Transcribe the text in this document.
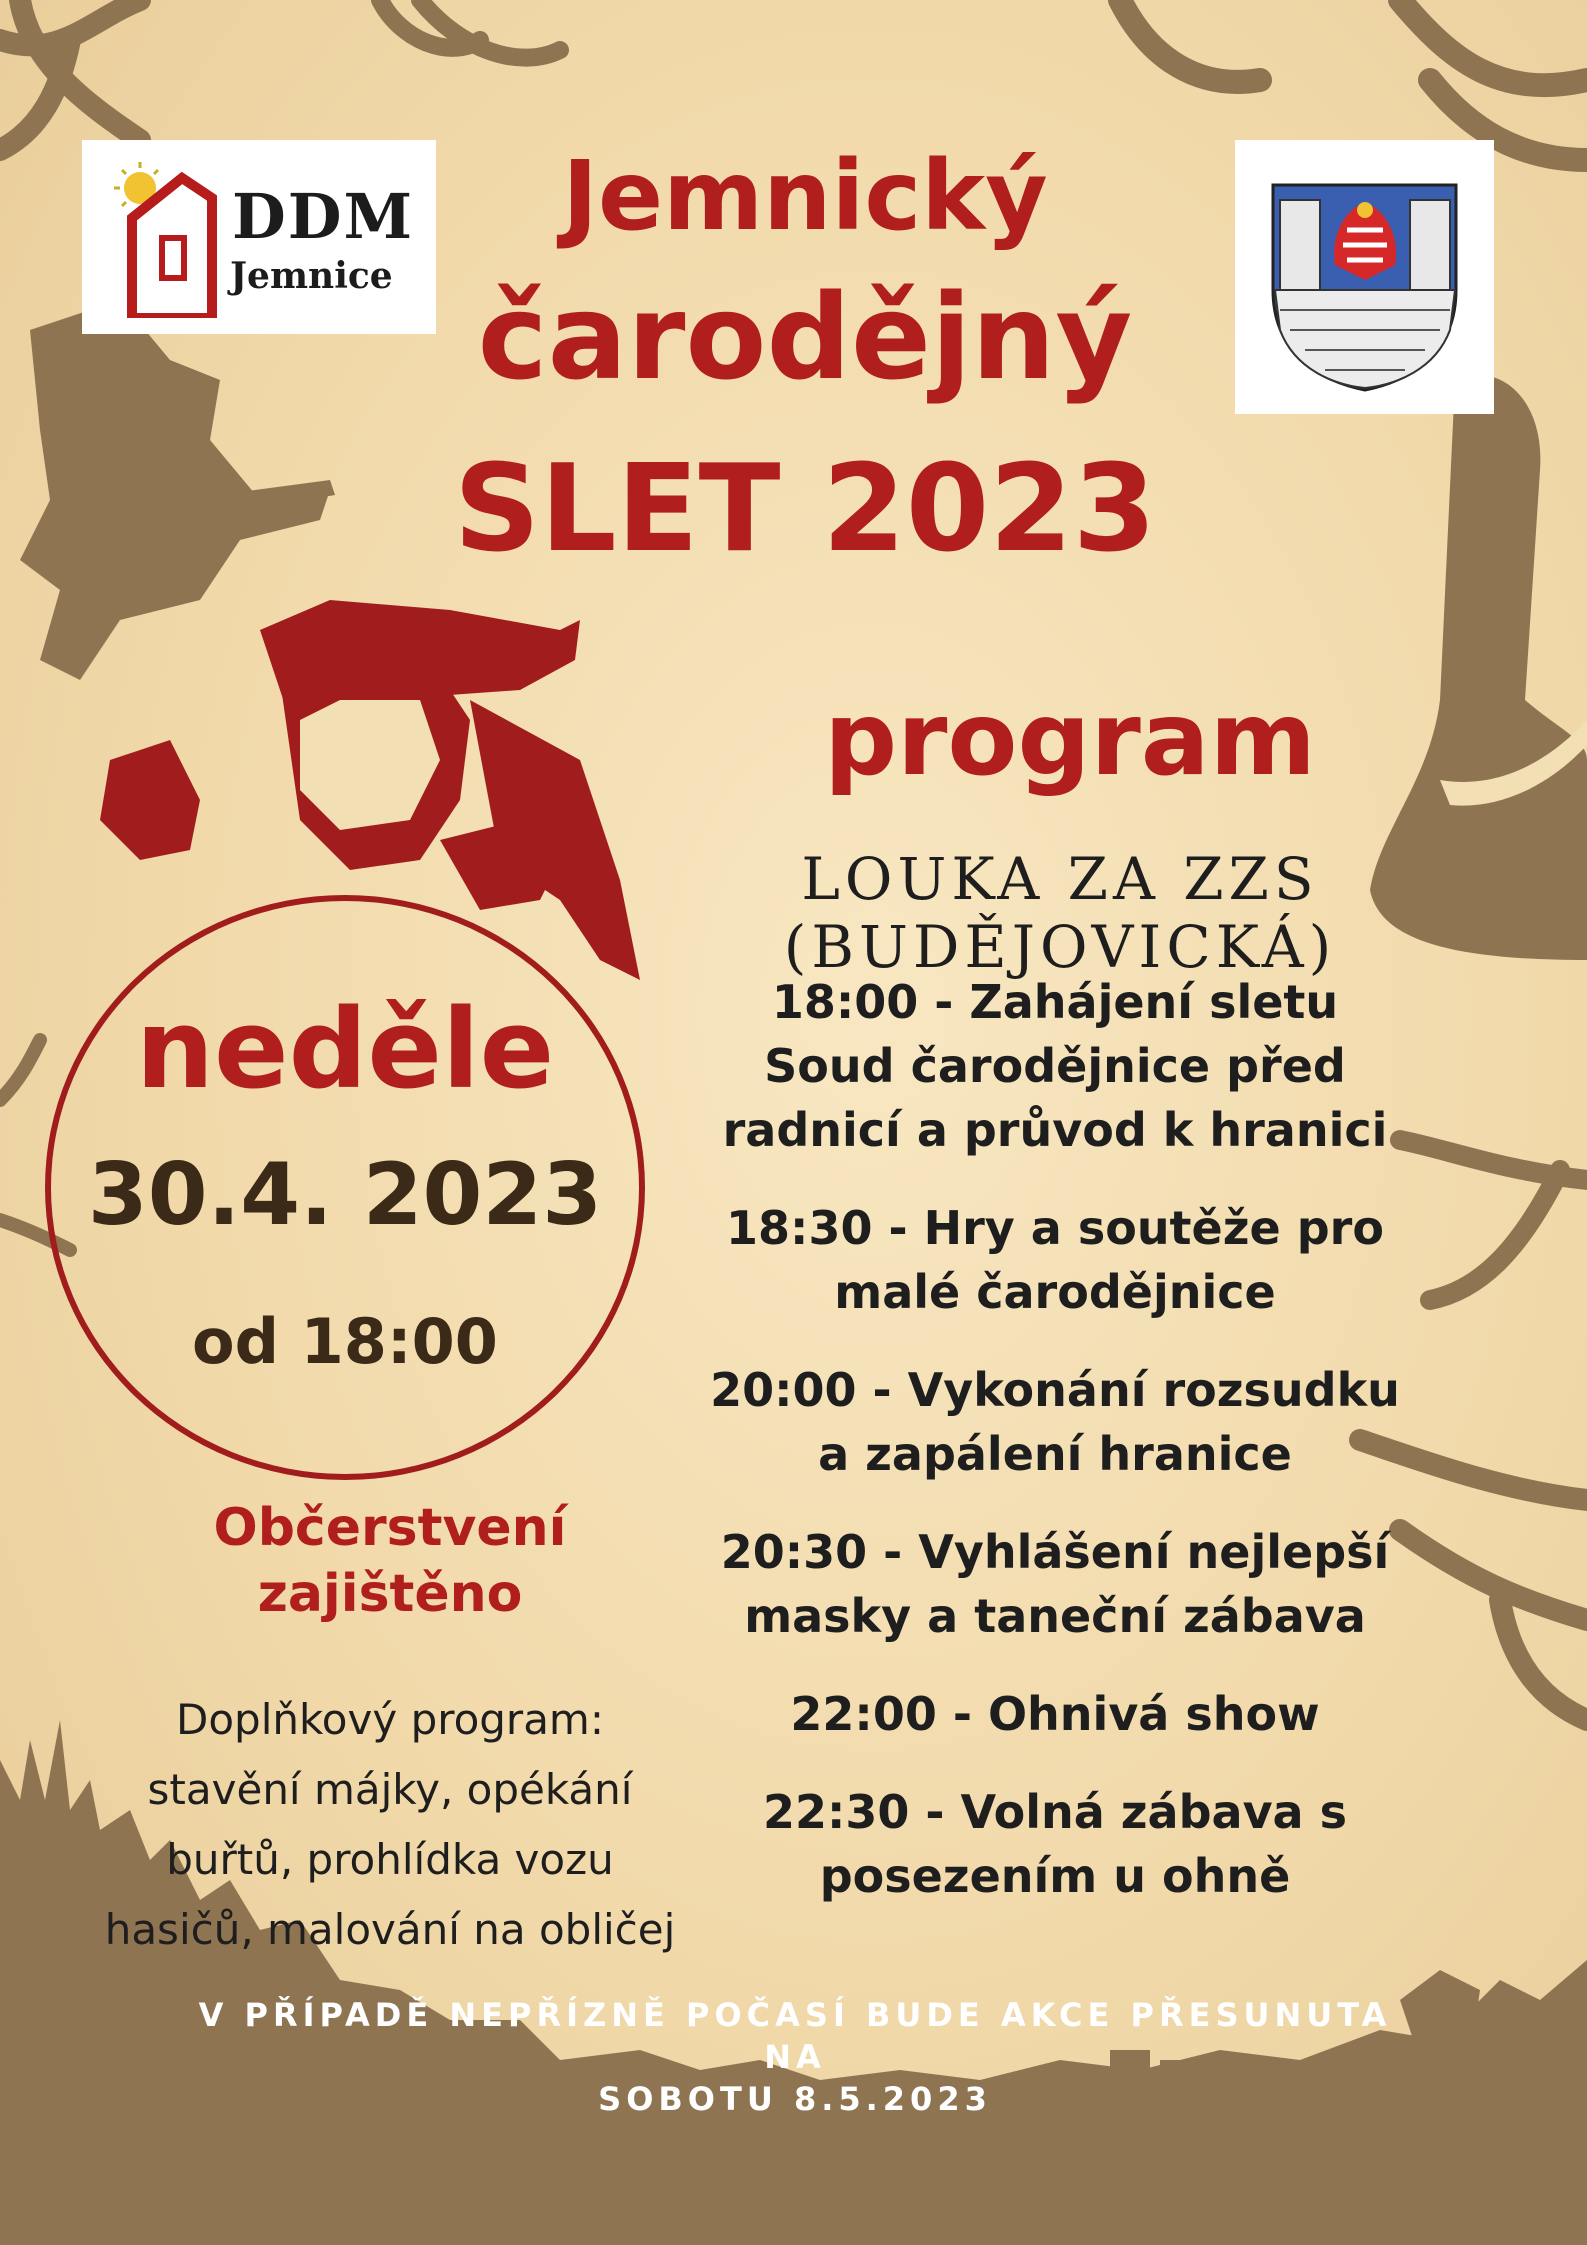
DDM
Jemnice
Jemnický
čarodějný
SLET 2023
program
LOUKA ZA ZZS (BUDĚJOVICKÁ)
neděle
30.4. 2023
od 18:00
Občerstvení
zajištěno
Doplňkový program:
stavění májky, opékání
buřtů, prohlídka vozu
hasičů, malování na obličej
18:00 - Zahájení sletu
Soud čarodějnice před
radnicí a průvod k hranici
18:30 - Hry a soutěže pro
malé čarodějnice
20:00 - Vykonání rozsudku
a zapálení hranice
20:30 - Vyhlášení nejlepší
masky a taneční zábava
22:00 - Ohnivá show
22:30 - Volná zábava s
posezením u ohně
V PŘÍPADĚ NEPŘÍZNĚ POČASÍ BUDE AKCE PŘESUNUTA NA
SOBOTU 8.5.2023
